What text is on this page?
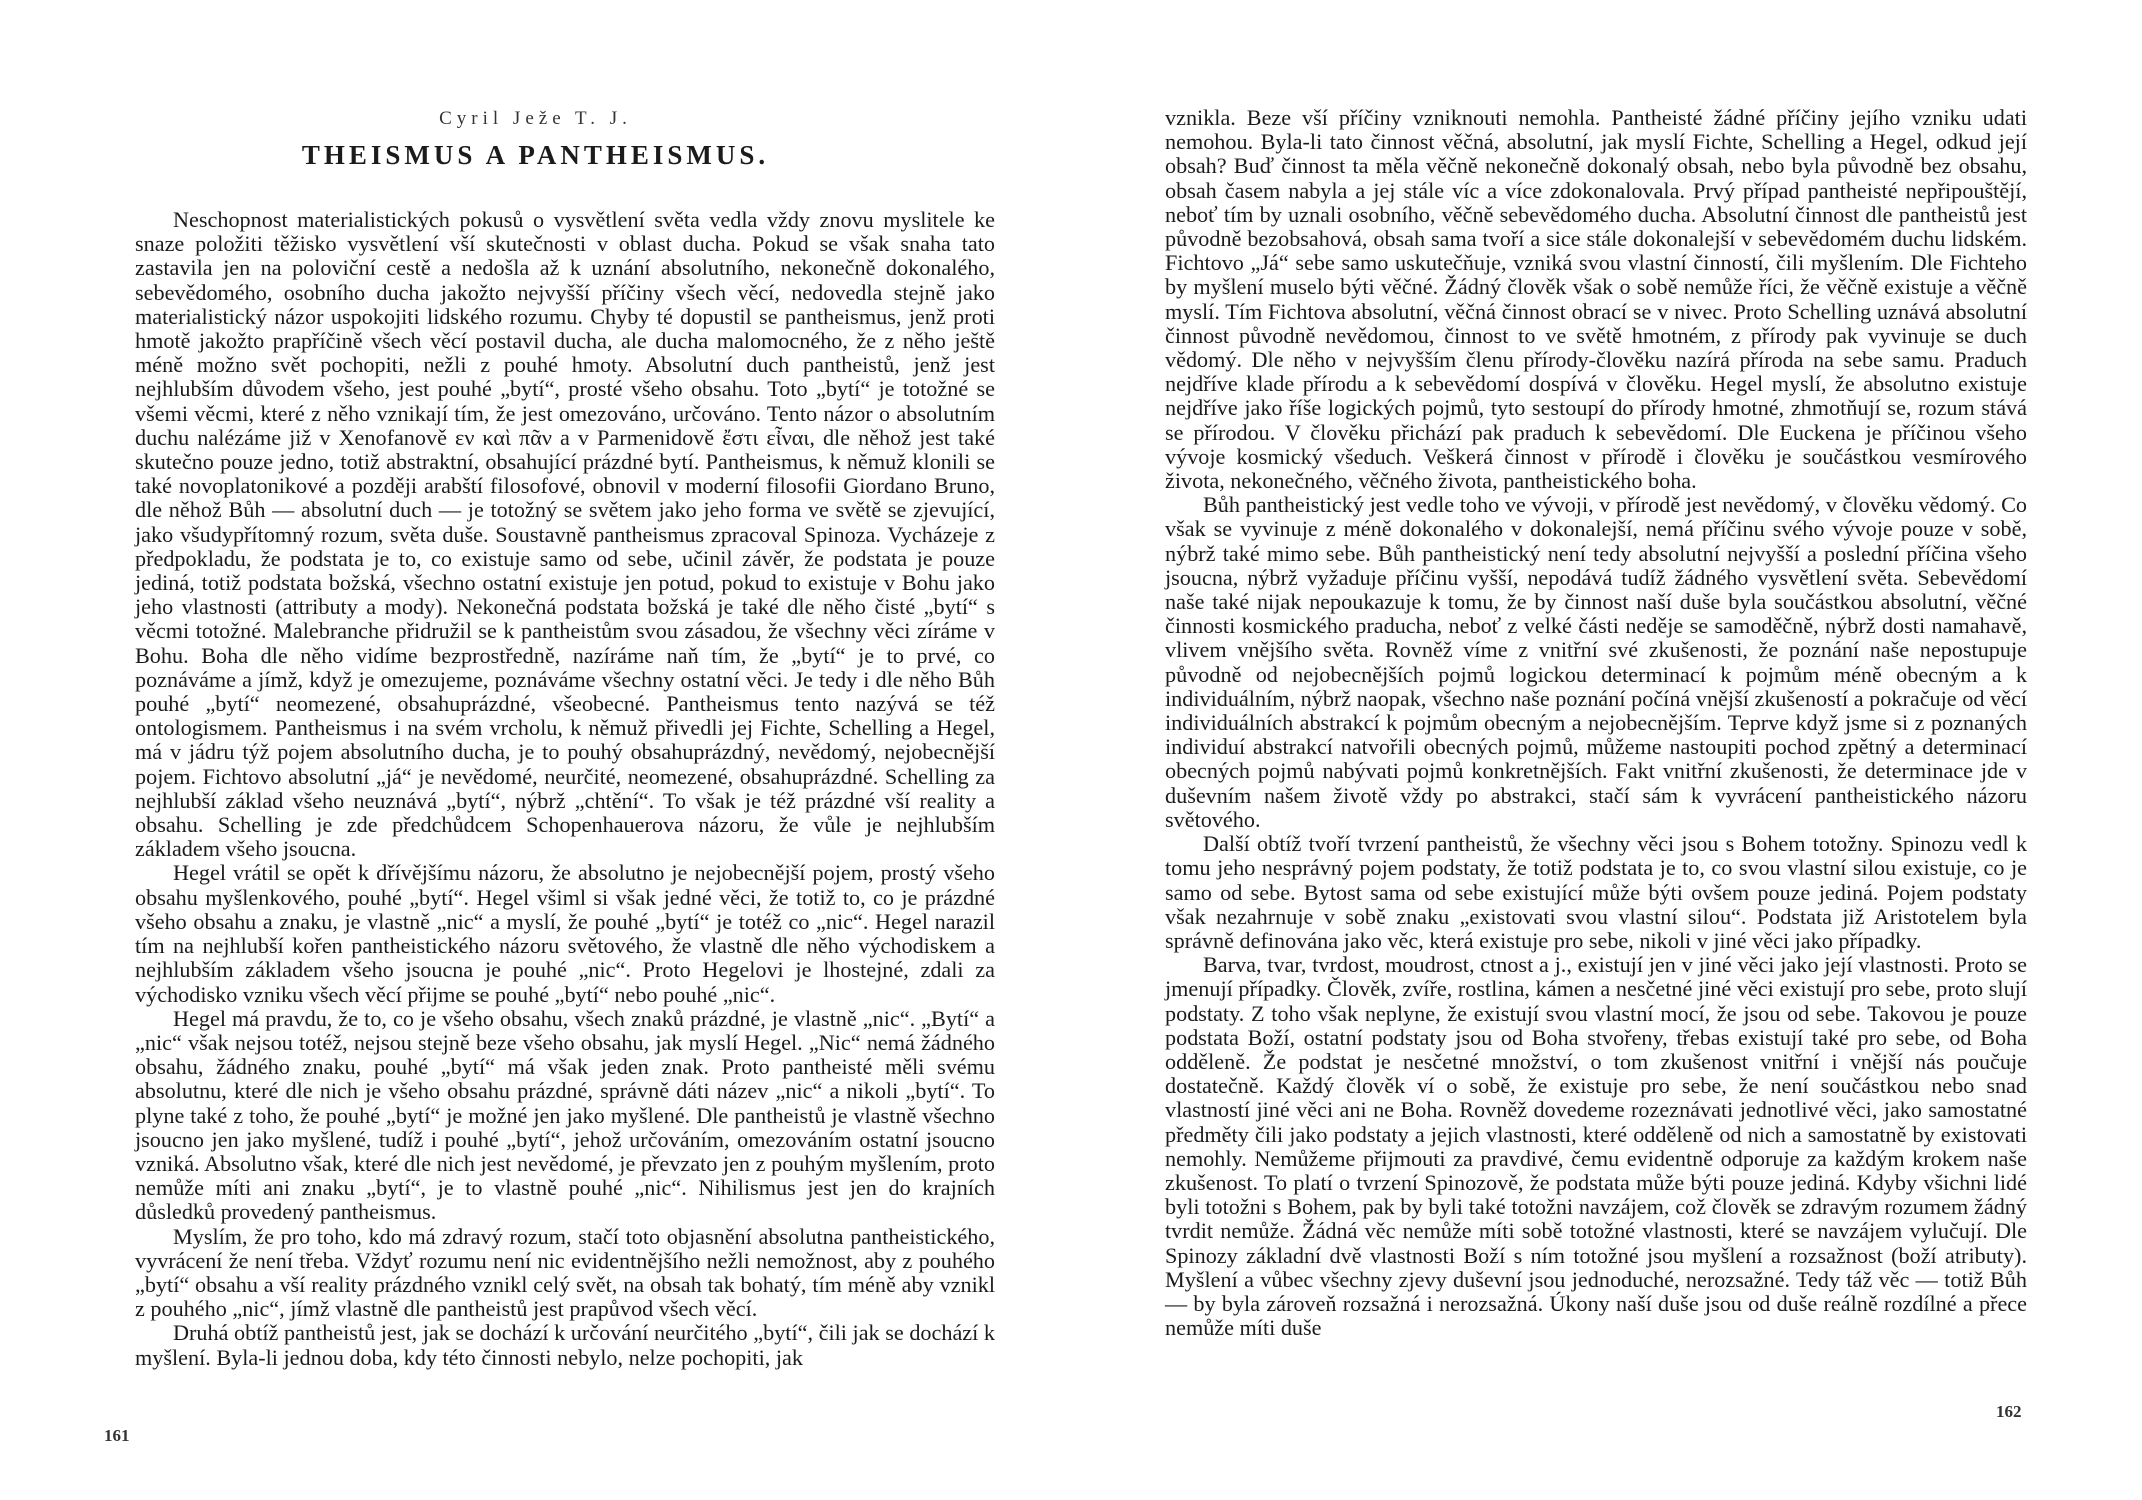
Cyril Ježe T. J.
THEISMUS A PANTHEISMUS.

Neschopnost materialistických pokusů o vysvětlení světa vedla vždy znovu myslitele ke snaze položiti těžisko vysvětlení vší skutečnosti v oblast ducha. Pokud se však snaha tato zastavila jen na poloviční cestě a nedošla až k uznání absolutního, nekonečně dokonalého, sebevědomého, osobního ducha jakožto nejvyšší příčiny všech věcí, nedovedla stejně jako materialistický názor uspokojiti lidského rozumu. Chyby té dopustil se pantheismus, jenž proti hmotě jakožto prapříčině všech věcí postavil ducha, ale ducha malomocného, že z něho ještě méně možno svět pochopiti, nežli z pouhé hmoty. Absolutní duch pantheistů, jenž jest nejhlubším důvodem všeho, jest pouhé „bytí“, prosté všeho obsahu. Toto „bytí“ je totožné se všemi věcmi, které z něho vznikají tím, že jest omezováno, určováno. Tento názor o absolutním duchu nalézáme již v Xenofanově εν καὶ πᾶν a v Parmenidově ἔστι εἶναι, dle něhož jest také skutečno pouze jedno, totiž abstraktní, obsahující prázdné bytí. Pantheismus, k němuž klonili se také novoplatonikové a později arabští filosofové, obnovil v moderní filosofii Giordano Bruno, dle něhož Bůh — absolutní duch — je totožný se světem jako jeho forma ve světě se zjevující, jako všudypřítomný rozum, světa duše. Soustavně pantheismus zpracoval Spinoza. Vycházeje z předpokladu, že podstata je to, co existuje samo od sebe, učinil závěr, že podstata je pouze jediná, totiž podstata božská, všechno ostatní existuje jen potud, pokud to existuje v Bohu jako jeho vlastnosti (attributy a mody). Nekonečná podstata božská je také dle něho čisté „bytí“ s věcmi totožné. Malebranche přidružil se k pantheistům svou zásadou, že všechny věci zíráme v Bohu. Boha dle něho vidíme bezprostředně, nazíráme naň tím, že „bytí“ je to prvé, co poznáváme a jímž, když je omezujeme, poznáváme všechny ostatní věci. Je tedy i dle něho Bůh pouhé „bytí“ neomezené, obsahuprázdné, všeobecné. Pantheismus tento nazývá se též ontologismem. Pantheismus i na svém vrcholu, k němuž přivedli jej Fichte, Schelling a Hegel, má v jádru týž pojem absolutního ducha, je to pouhý obsahuprázdný, nevědomý, nejobecnější pojem. Fichtovo absolutní „já“ je nevědomé, neurčité, neomezené, obsahuprázdné. Schelling za nejhlubší základ všeho neuznává „bytí“, nýbrž „chtění“. To však je též prázdné vší reality a obsahu. Schelling je zde předchůdcem Schopenhauerova názoru, že vůle je nejhlubším základem všeho jsoucna.

Hegel vrátil se opět k dřívějšímu názoru, že absolutno je nejobecnější pojem, prostý všeho obsahu myšlenkového, pouhé „bytí“. Hegel všiml si však jedné věci, že totiž to, co je prázdné všeho obsahu a znaku, je vlastně „nic“ a myslí, že pouhé „bytí“ je totéž co „nic“. Hegel narazil tím na nejhlubší kořen pantheistického názoru světového, že vlastně dle něho východiskem a nejhlubším základem všeho jsoucna je pouhé „nic“. Proto Hegelovi je lhostejné, zdali za východisko vzniku všech věcí přijme se pouhé „bytí“ nebo pouhé „nic“.

Hegel má pravdu, že to, co je všeho obsahu, všech znaků prázdné, je vlastně „nic“. „Bytí“ a „nic“ však nejsou totéž, nejsou stejně beze všeho obsahu, jak myslí Hegel. „Nic“ nemá žádného obsahu, žádného znaku, pouhé „bytí“ má však jeden znak. Proto pantheisté měli svému absolutnu, které dle nich je všeho obsahu prázdné, správně dáti název „nic“ a nikoli „bytí“. To plyne také z toho, že pouhé „bytí“ je možné jen jako myšlené. Dle pantheistů je vlastně všechno jsoucno jen jako myšlené, tudíž i pouhé „bytí“, jehož určováním, omezováním ostatní jsoucno vzniká. Absolutno však, které dle nich jest nevědomé, je převzato jen z pouhým myšlením, proto nemůže míti ani znaku „bytí“, je to vlastně pouhé „nic“. Nihilismus jest jen do krajních důsledků provedený pantheismus.

Myslím, že pro toho, kdo má zdravý rozum, stačí toto objasnění absolutna pantheistického, vyvrácení že není třeba. Vždyť rozumu není nic evidentnějšího nežli nemožnost, aby z pouhého „bytí“ obsahu a vší reality prázdného vznikl celý svět, na obsah tak bohatý, tím méně aby vznikl z pouhého „nic“, jímž vlastně dle pantheistů jest prapůvod všech věcí.

Druhá obtíž pantheistů jest, jak se dochází k určování neurčitého „bytí“, čili jak se dochází k myšlení. Byla-li jednou doba, kdy této činnosti nebylo, nelze pochopiti, jak

161

vznikla. Beze vší příčiny vzniknouti nemohla. Pantheisté žádné příčiny jejího vzniku udati nemohou. Byla-li tato činnost věčná, absolutní, jak myslí Fichte, Schelling a Hegel, odkud její obsah? Buď činnost ta měla věčně nekonečně dokonalý obsah, nebo byla původně bez obsahu, obsah časem nabyla a jej stále víc a více zdokonalovala. Prvý případ pantheisté nepřipouštějí, neboť tím by uznali osobního, věčně sebevědomého ducha. Absolutní činnost dle pantheistů jest původně bezobsahová, obsah sama tvoří a sice stále dokonalejší v sebevědomém duchu lidském. Fichtovo „Já“ sebe samo uskutečňuje, vzniká svou vlastní činností, čili myšlením. Dle Fichteho by myšlení muselo býti věčné. Žádný člověk však o sobě nemůže říci, že věčně existuje a věčně myslí. Tím Fichtova absolutní, věčná činnost obrací se v nivec. Proto Schelling uznává absolutní činnost původně nevědomou, činnost to ve světě hmotném, z přírody pak vyvinuje se duch vědomý. Dle něho v nejvyšším členu přírody-člověku nazírá příroda na sebe samu. Praduch nejdříve klade přírodu a k sebevědomí dospívá v člověku. Hegel myslí, že absolutno existuje nejdříve jako říše logických pojmů, tyto sestoupí do přírody hmotné, zhmotňují se, rozum stává se přírodou. V člověku přichází pak praduch k sebevědomí. Dle Euckena je příčinou všeho vývoje kosmický všeduch. Veškerá činnost v přírodě i člověku je součástkou vesmírového života, nekonečného, věčného života, pantheistického boha.

Bůh pantheistický jest vedle toho ve vývoji, v přírodě jest nevědomý, v člověku vědomý. Co však se vyvinuje z méně dokonalého v dokonalejší, nemá příčinu svého vývoje pouze v sobě, nýbrž také mimo sebe. Bůh pantheistický není tedy absolutní nejvyšší a poslední příčina všeho jsoucna, nýbrž vyžaduje příčinu vyšší, nepodává tudíž žádného vysvětlení světa. Sebevědomí naše také nijak nepoukazuje k tomu, že by činnost naší duše byla součástkou absolutní, věčné činnosti kosmického praducha, neboť z velké části neděje se samoděčně, nýbrž dosti namahavě, vlivem vnějšího světa. Rovněž víme z vnitřní své zkušenosti, že poznání naše nepostupuje původně od nejobecnějších pojmů logickou determinací k pojmům méně obecným a k individuálním, nýbrž naopak, všechno naše poznání počíná vnější zkušeností a pokračuje od věcí individuálních abstrakcí k pojmům obecným a nejobecnějším. Teprve když jsme si z poznaných individuí abstrakcí natvořili obecných pojmů, můžeme nastoupiti pochod zpětný a determinací obecných pojmů nabývati pojmů konkretnějších. Fakt vnitřní zkušenosti, že determinace jde v duševním našem životě vždy po abstrakci, stačí sám k vyvrácení pantheistického názoru světového.

Další obtíž tvoří tvrzení pantheistů, že všechny věci jsou s Bohem totožny. Spinozu vedl k tomu jeho nesprávný pojem podstaty, že totiž podstata je to, co svou vlastní silou existuje, co je samo od sebe. Bytost sama od sebe existující může býti ovšem pouze jediná. Pojem podstaty však nezahrnuje v sobě znaku „existovati svou vlastní silou“. Podstata již Aristotelem byla správně definována jako věc, která existuje pro sebe, nikoli v jiné věci jako případky.

Barva, tvar, tvrdost, moudrost, ctnost a j., existují jen v jiné věci jako její vlastnosti. Proto se jmenují případky. Člověk, zvíře, rostlina, kámen a nesčetné jiné věci existují pro sebe, proto slují podstaty. Z toho však neplyne, že existují svou vlastní mocí, že jsou od sebe. Takovou je pouze podstata Boží, ostatní podstaty jsou od Boha stvořeny, třebas existují také pro sebe, od Boha odděleně. Že podstat je nesčetné množství, o tom zkušenost vnitřní i vnější nás poučuje dostatečně. Každý člověk ví o sobě, že existuje pro sebe, že není součástkou nebo snad vlastností jiné věci ani ne Boha. Rovněž dovedeme rozeznávati jednotlivé věci, jako samostatné předměty čili jako podstaty a jejich vlastnosti, které odděleně od nich a samostatně by existovati nemohly. Nemůžeme přijmouti za pravdivé, čemu evidentně odporuje za každým krokem naše zkušenost. To platí o tvrzení Spinozově, že podstata může býti pouze jediná. Kdyby všichni lidé byli totožni s Bohem, pak by byli také totožni navzájem, což člověk se zdravým rozumem žádný tvrdit nemůže. Žádná věc nemůže míti sobě totožné vlastnosti, které se navzájem vylučují. Dle Spinozy základní dvě vlastnosti Boží s ním totožné jsou myšlení a rozsažnost (boží atributy). Myšlení a vůbec všechny zjevy duševní jsou jednoduché, nerozsažné. Tedy táž věc — totiž Bůh — by byla zároveň rozsažná i nerozsažná. Úkony naší duše jsou od duše reálně rozdílné a přece nemůže míti duše

162
